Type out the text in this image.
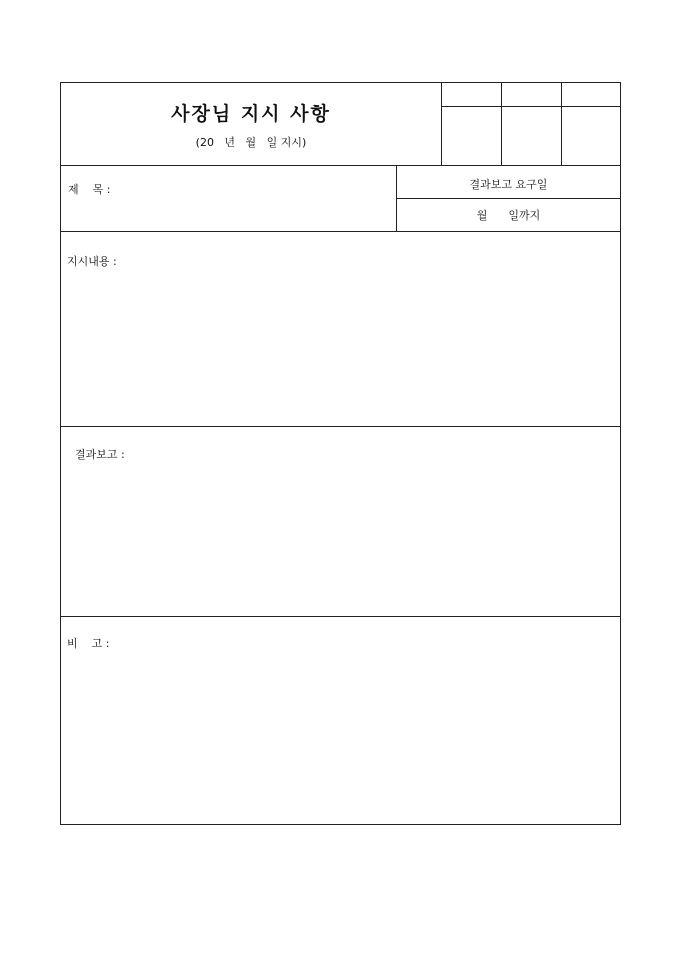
사장님 지시 사항
(20   년   월   일 지시)
제    목 :	결과보고 요구일
월      일까지
지시내용 :
결과보고 :
비    고 :
